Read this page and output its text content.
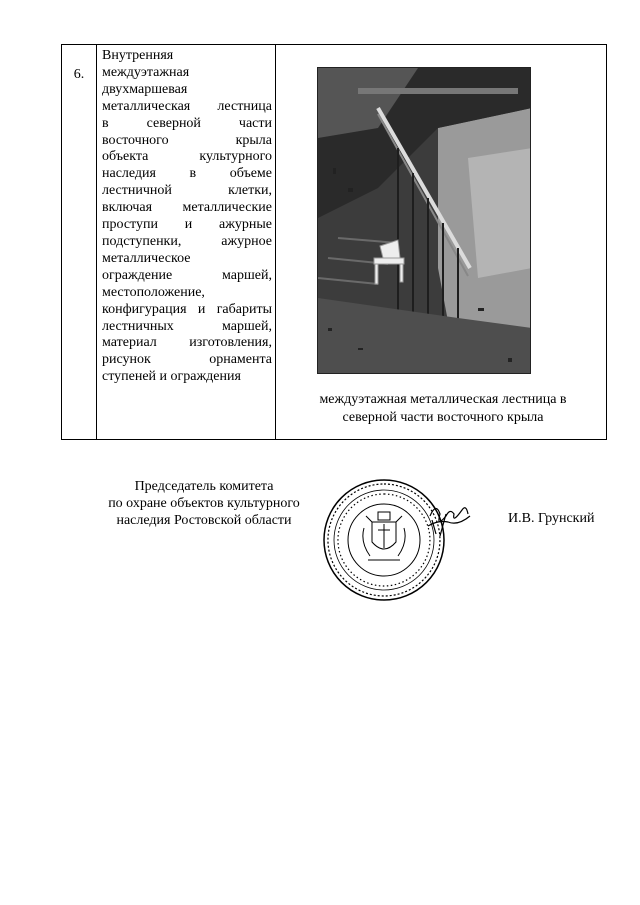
6.
Внутренняя
междуэтажная
двухмаршевая
металлическая лестница
в северной части
восточного крыла
объекта культурного
наследия в объеме
лестничной клетки,
включая металлические
проступи и ажурные
подступенки, ажурное
металлическое
ограждение маршей,
местоположение,
конфигурация и габариты
лестничных маршей,
материал изготовления,
рисунок орнамента
ступеней и ограждения
междуэтажная металлическая лестница в
северной части восточного крыла
Председатель комитета
по охране объектов культурного
наследия Ростовской области	И.В. Грунский
